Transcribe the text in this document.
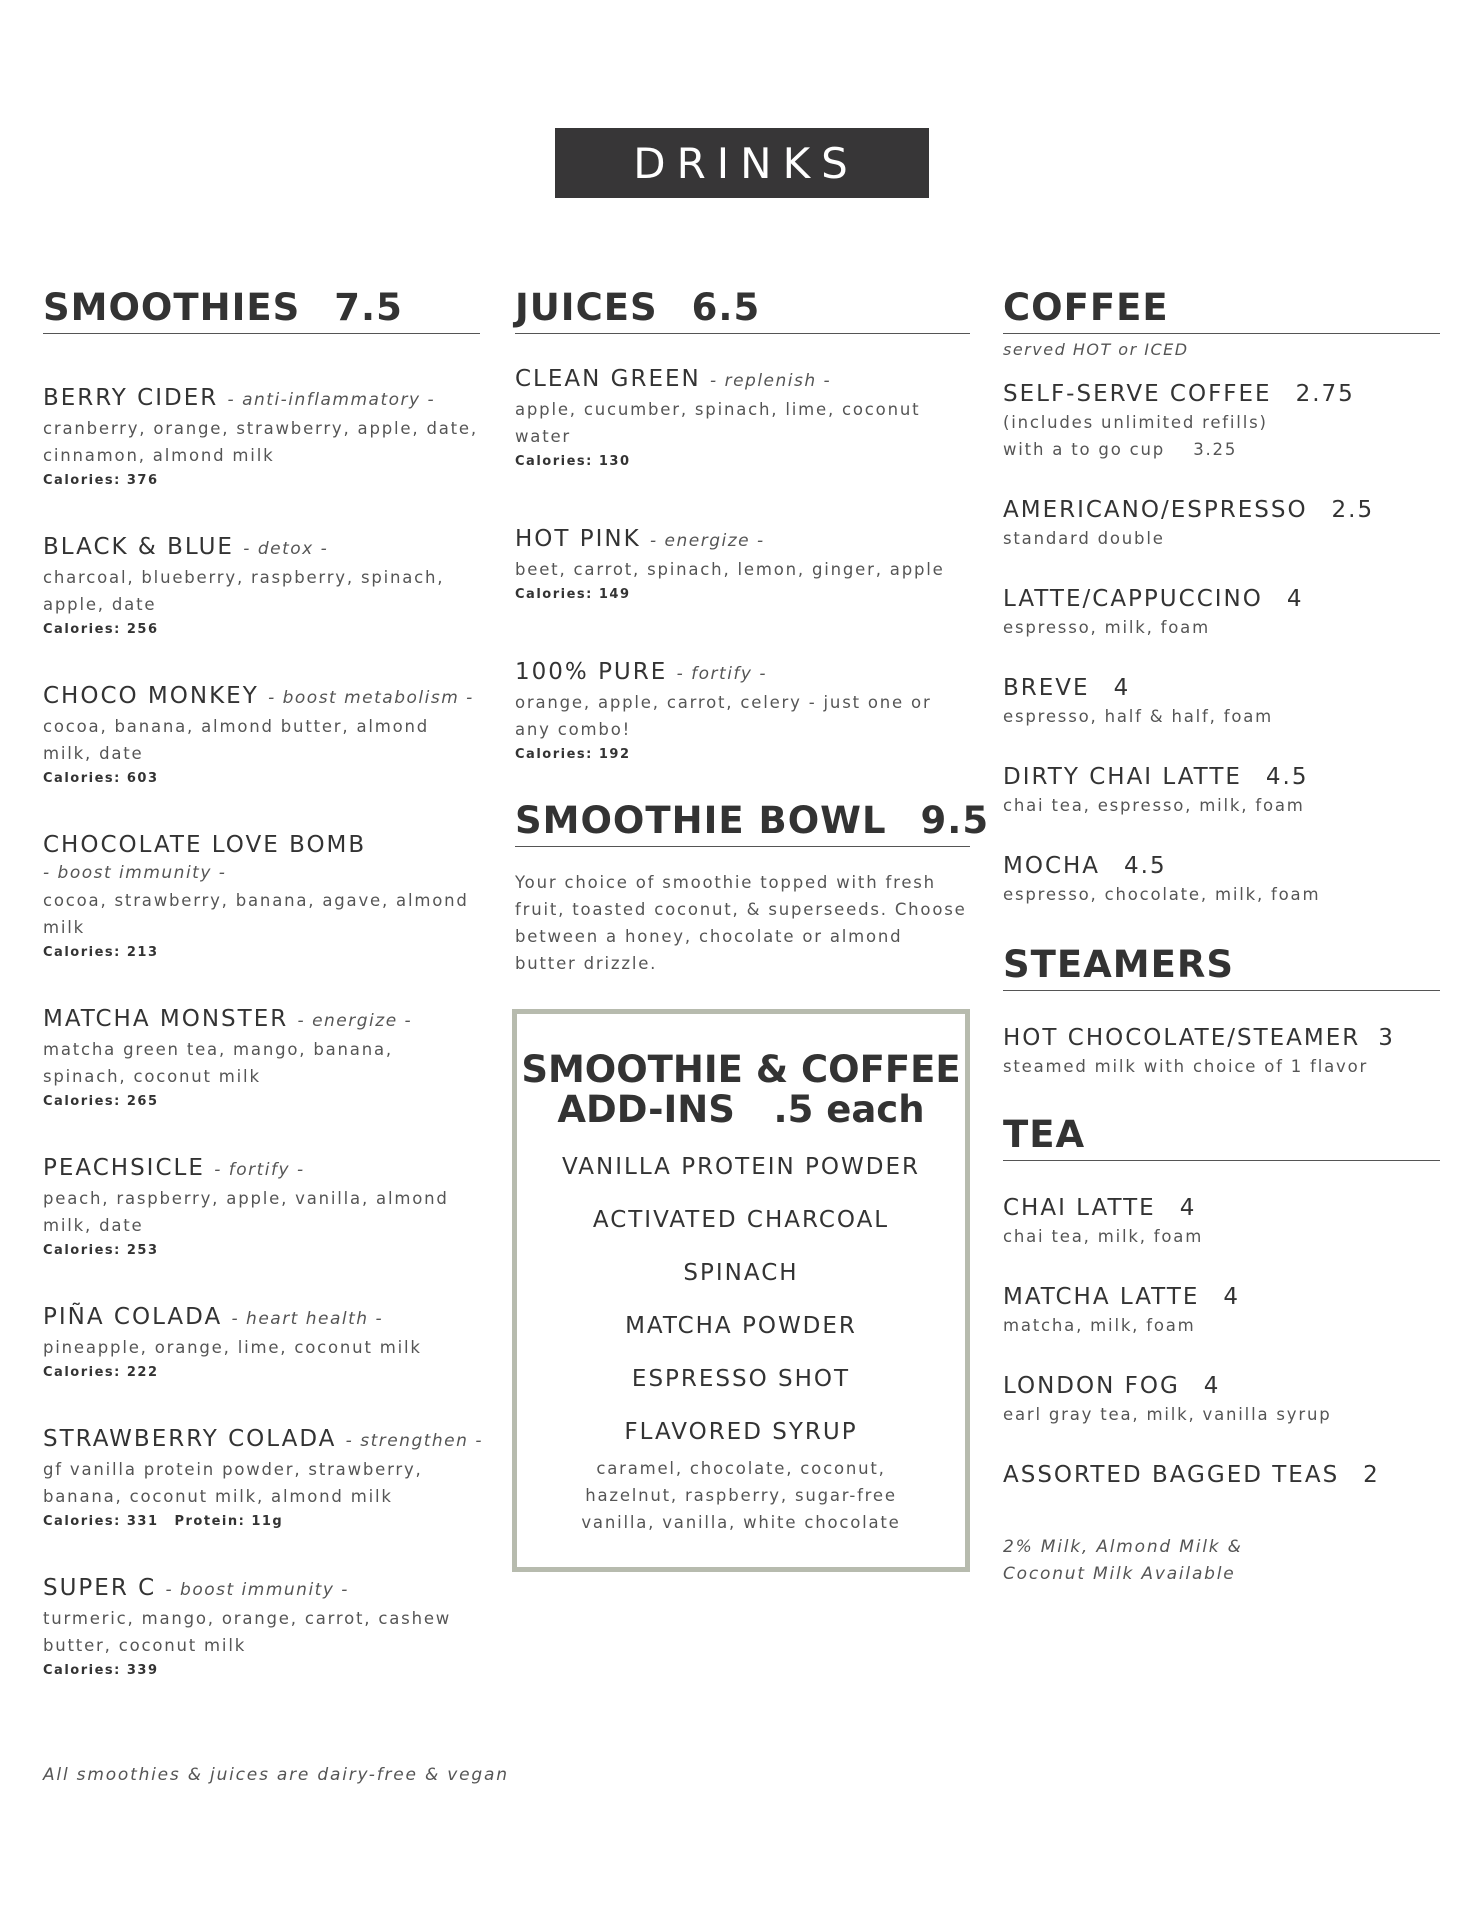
DRINKS
SMOOTHIES 7.5
BERRY CIDER - anti-inflammatory -
cranberry, orange, strawberry, apple, date, cinnamon, almond milk
Calories: 376
BLACK & BLUE - detox -
charcoal, blueberry, raspberry, spinach, apple, date
Calories: 256
CHOCO MONKEY - boost metabolism -
cocoa, banana, almond butter, almond milk, date
Calories: 603
CHOCOLATE LOVE BOMB
- boost immunity -
cocoa, strawberry, banana, agave, almond milk
Calories: 213
MATCHA MONSTER - energize -
matcha green tea, mango, banana, spinach, coconut milk
Calories: 265
PEACHSICLE - fortify -
peach, raspberry, apple, vanilla, almond milk, date
Calories: 253
PIÑA COLADA - heart health -
pineapple, orange, lime, coconut milk
Calories: 222
STRAWBERRY COLADA - strengthen -
gf vanilla protein powder, strawberry, banana, coconut milk, almond milk
Calories: 331 Protein: 11g
SUPER C - boost immunity -
turmeric, mango, orange, carrot, cashew butter, coconut milk
Calories: 339
All smoothies & juices are dairy-free & vegan
JUICES 6.5
CLEAN GREEN - replenish -
apple, cucumber, spinach, lime, coconut water
Calories: 130
HOT PINK - energize -
beet, carrot, spinach, lemon, ginger, apple
Calories: 149
100% PURE - fortify -
orange, apple, carrot, celery - just one or any combo!
Calories: 192
SMOOTHIE BOWL 9.5
Your choice of smoothie topped with fresh fruit, toasted coconut, & superseeds. Choose between a honey, chocolate or almond butter drizzle.
SMOOTHIE & COFFEE
ADD-INS   .5 each
VANILLA PROTEIN POWDER
ACTIVATED CHARCOAL
SPINACH
MATCHA POWDER
ESPRESSO SHOT
FLAVORED SYRUP
caramel, chocolate, coconut, hazelnut, raspberry, sugar-free vanilla, vanilla, white chocolate
COFFEE
served HOT or ICED
SELF-SERVE COFFEE 2.75
(includes unlimited refills)
with a to go cup    3.25
AMERICANO/ESPRESSO 2.5
standard double
LATTE/CAPPUCCINO 4
espresso, milk, foam
BREVE 4
espresso, half & half, foam
DIRTY CHAI LATTE 4.5
chai tea, espresso, milk, foam
MOCHA 4.5
espresso, chocolate, milk, foam
STEAMERS
HOT CHOCOLATE/STEAMER 3
steamed milk with choice of 1 flavor
TEA
CHAI LATTE 4
chai tea, milk, foam
MATCHA LATTE 4
matcha, milk, foam
LONDON FOG 4
earl gray tea, milk, vanilla syrup
ASSORTED BAGGED TEAS 2
2% Milk, Almond Milk &
Coconut Milk Available
